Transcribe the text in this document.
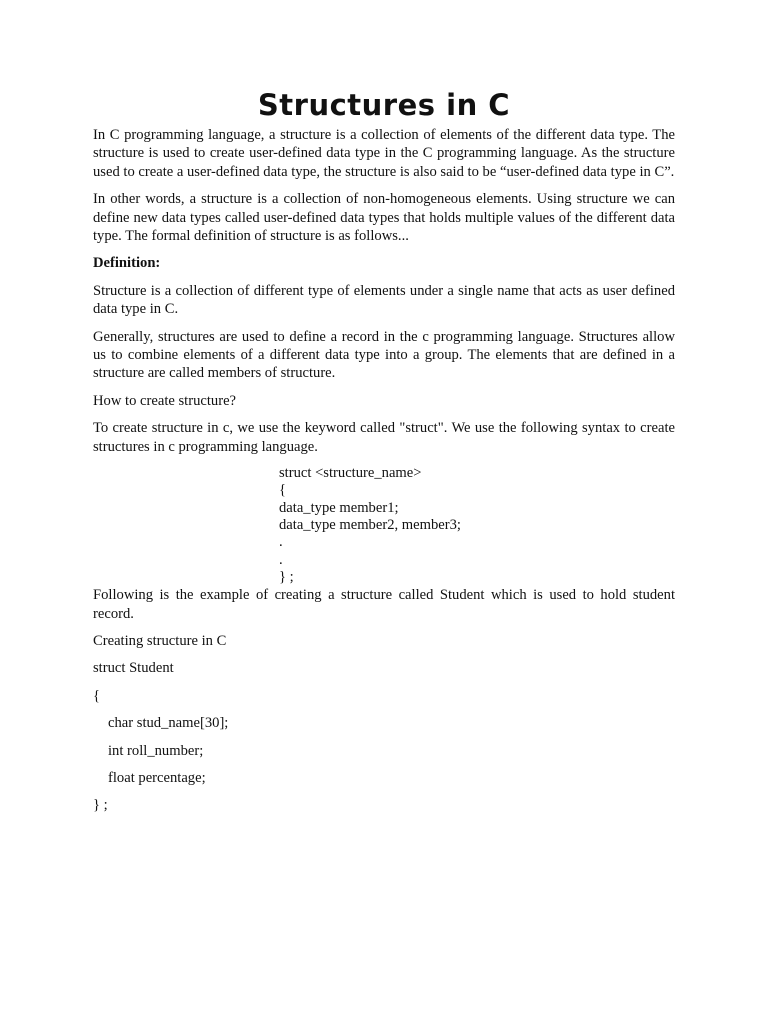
Structures in C

In C programming language, a structure is a collection of elements of the different data type. The structure is used to create user-defined data type in the C programming language. As the structure used to create a user-defined data type, the structure is also said to be “user-defined data type in C”.

In other words, a structure is a collection of non-homogeneous elements. Using structure we can define new data types called user-defined data types that holds multiple values of the different data type. The formal definition of structure is as follows...

Definition:

Structure is a collection of different type of elements under a single name that acts as user defined data type in C.

Generally, structures are used to define a record in the c programming language. Structures allow us to combine elements of a different data type into a group. The elements that are defined in a structure are called members of structure.

How to create structure?

To create structure in c, we use the keyword called "struct". We use the following syntax to create structures in c programming language.

struct <structure_name>
{
data_type member1;
data_type member2, member3;
.
.
} ;

Following is the example of creating a structure called Student which is used to hold student record.

Creating structure in C
struct Student
{
char stud_name[30];
int roll_number;
float percentage;
} ;
